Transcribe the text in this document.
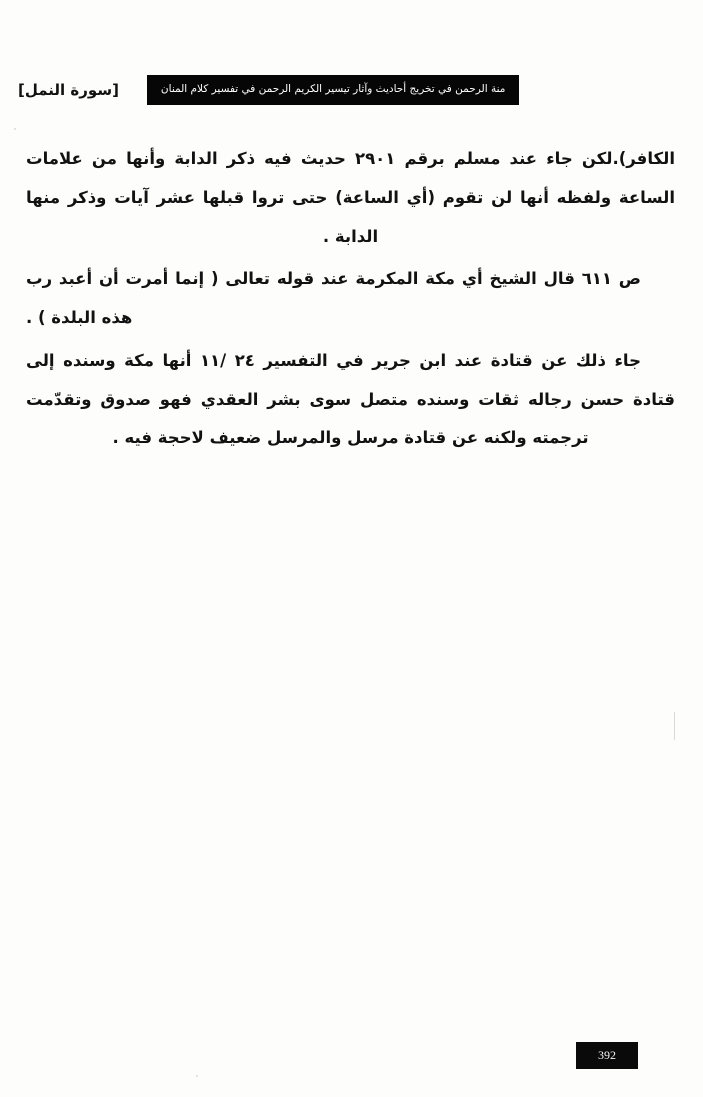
[سورة النمل]	منة الرحمن في تخريج أحاديث وآثار تيسير الكريم الرحمن في تفسير كلام المنان

الكافر).لكن جاء عند مسلم برقم ٢٩٠١ حديث فيه ذكر الدابة وأنها من علامات الساعة ولفظه أنها لن تقوم (أي الساعة) حتى تروا قبلها عشر آيات وذكر منها الدابة .

ص ٦١١ قال الشيخ أي مكة المكرمة عند قوله تعالى ( إنما أمرت أن أعبد رب هذه البلدة ) .

جاء ذلك عن قتادة عند ابن جرير في التفسير ٢٤ /١١ أنها مكة وسنده إلى قتادة حسن رجاله ثقات وسنده متصل سوى بشر العقدي فهو صدوق وتقدّمت ترجمته ولكنه عن قتادة مرسل والمرسل ضعيف لاحجة فيه .

392
